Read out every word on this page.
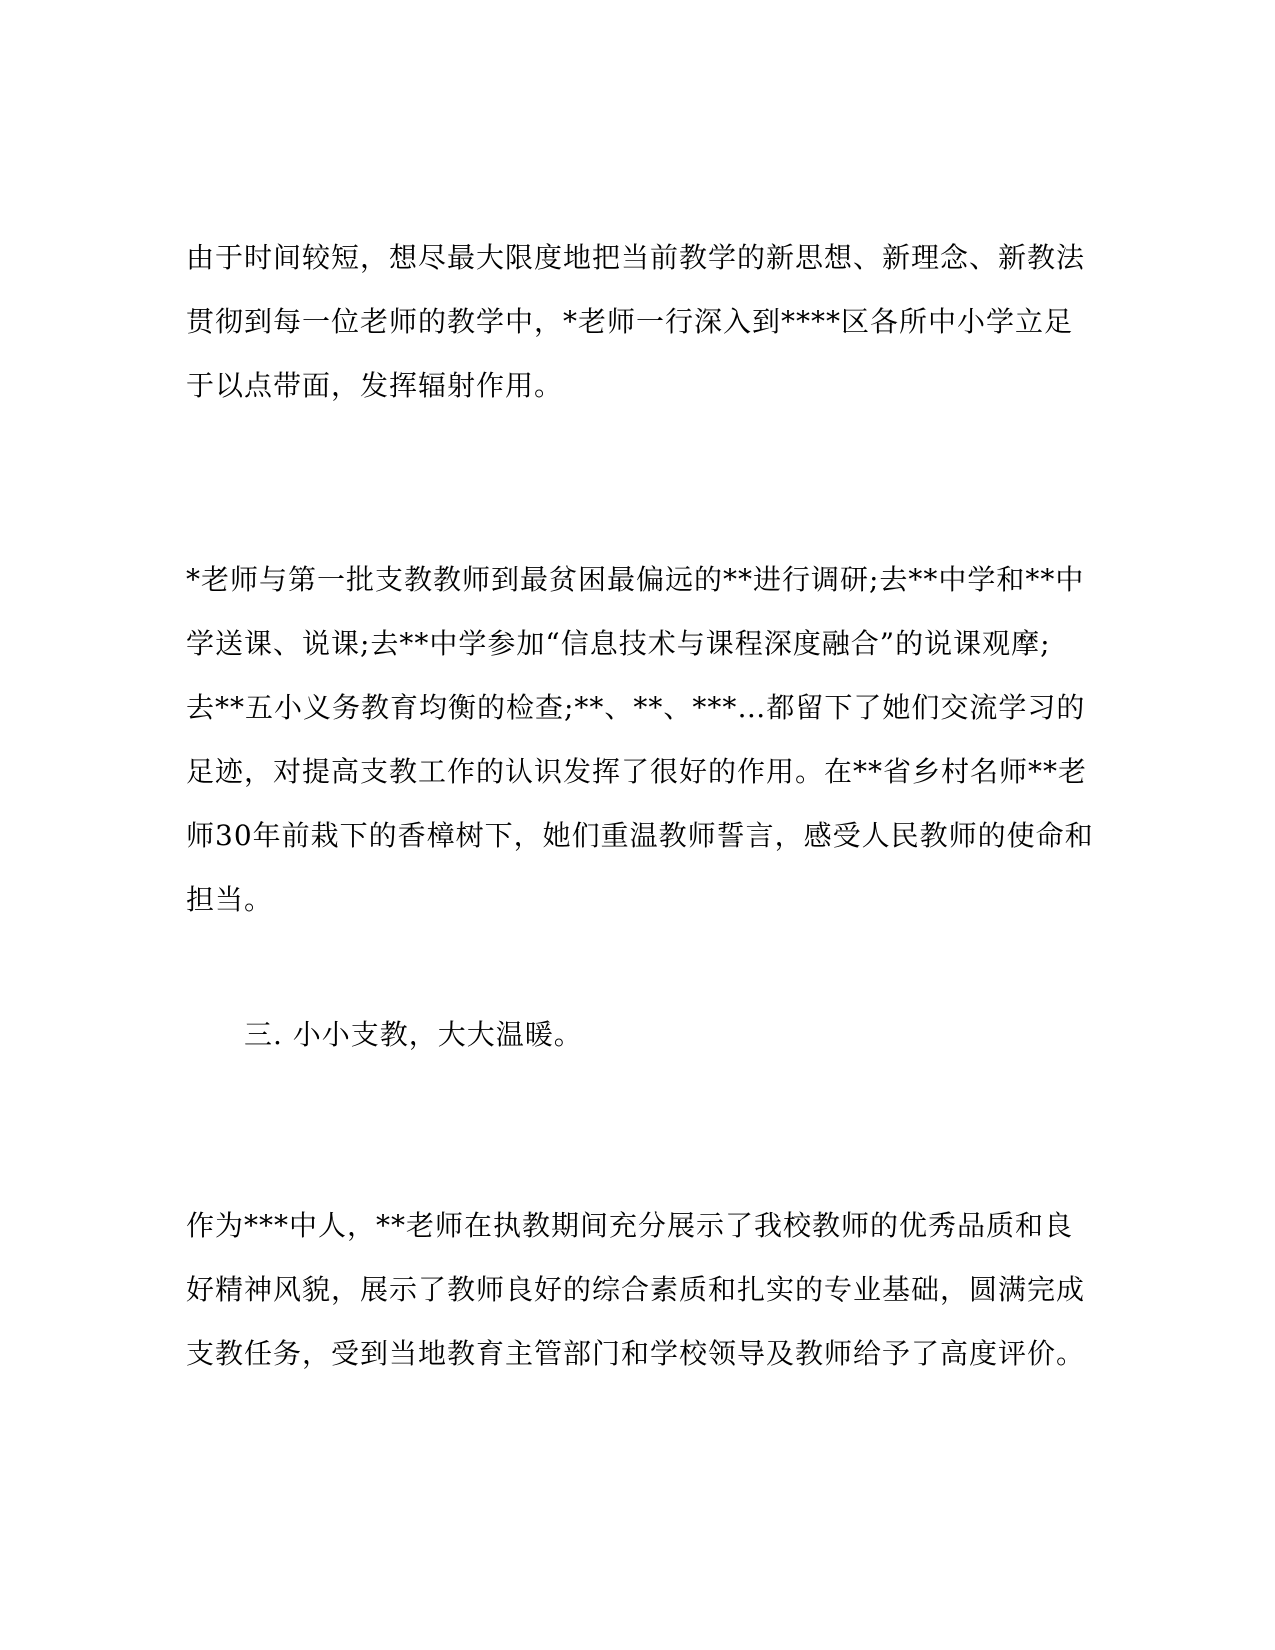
由于时间较短，想尽最大限度地把当前教学的新思想、新理念、新教法
贯彻到每一位老师的教学中，*老师一行深入到****区各所中小学立足
于以点带面，发挥辐射作用。

*老师与第一批支教教师到最贫困最偏远的**进行调研;去**中学和**中
学送课、说课;去**中学参加“信息技术与课程深度融合”的说课观摩;
去**五小义务教育均衡的检查;**、**、***…都留下了她们交流学习的
足迹，对提高支教工作的认识发挥了很好的作用。在**省乡村名师**老
师30年前栽下的香樟树下，她们重温教师誓言，感受人民教师的使命和
担当。

三. 小小支教，大大温暖。

作为***中人，**老师在执教期间充分展示了我校教师的优秀品质和良
好精神风貌，展示了教师良好的综合素质和扎实的专业基础，圆满完成
支教任务，受到当地教育主管部门和学校领导及教师给予了高度评价。
